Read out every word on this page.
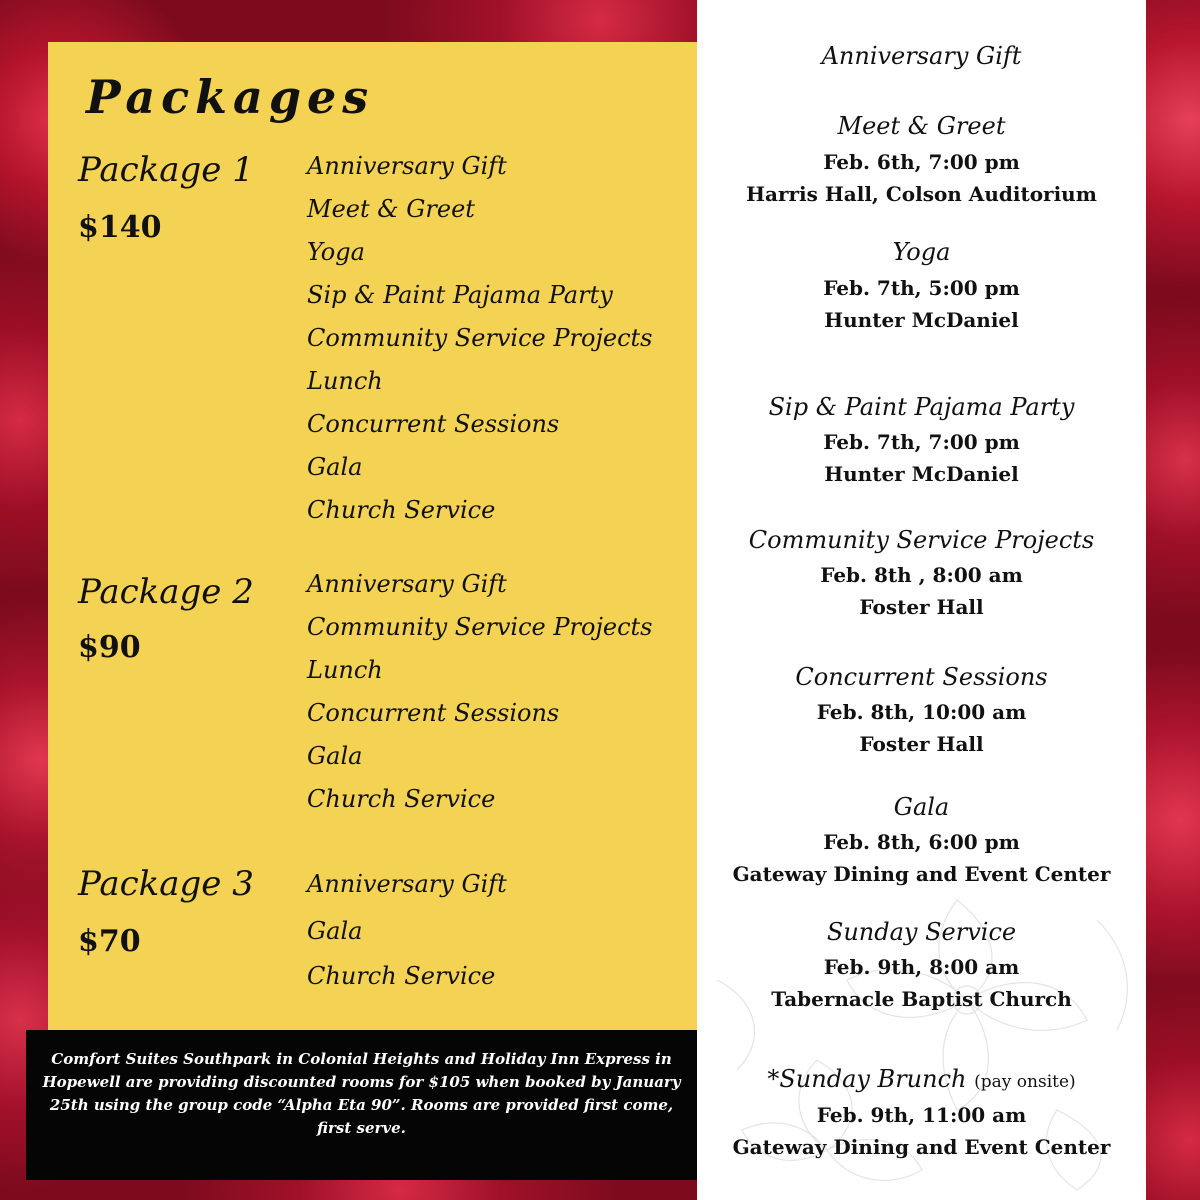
Packages
Package 1
$140
Anniversary Gift
Meet & Greet
Yoga
Sip & Paint Pajama Party
Community Service Projects
Lunch
Concurrent Sessions
Gala
Church Service
Package 2
$90
Anniversary Gift
Community Service Projects
Lunch
Concurrent Sessions
Gala
Church Service
Package 3
$70
Anniversary Gift
Gala
Church Service

Comfort Suites Southpark in Colonial Heights and Holiday Inn Express in Hopewell are providing discounted rooms for $105 when booked by January 25th using the group code “Alpha Eta 90”. Rooms are provided first come, first serve.

Anniversary Gift
Meet & Greet
Feb. 6th, 7:00 pm
Harris Hall, Colson Auditorium
Yoga
Feb. 7th, 5:00 pm
Hunter McDaniel
Sip & Paint Pajama Party
Feb. 7th, 7:00 pm
Hunter McDaniel
Community Service Projects
Feb. 8th , 8:00 am
Foster Hall
Concurrent Sessions
Feb. 8th, 10:00 am
Foster Hall
Gala
Feb. 8th, 6:00 pm
Gateway Dining and Event Center
Sunday Service
Feb. 9th, 8:00 am
Tabernacle Baptist Church
*Sunday Brunch (pay onsite)
Feb. 9th, 11:00 am
Gateway Dining and Event Center
